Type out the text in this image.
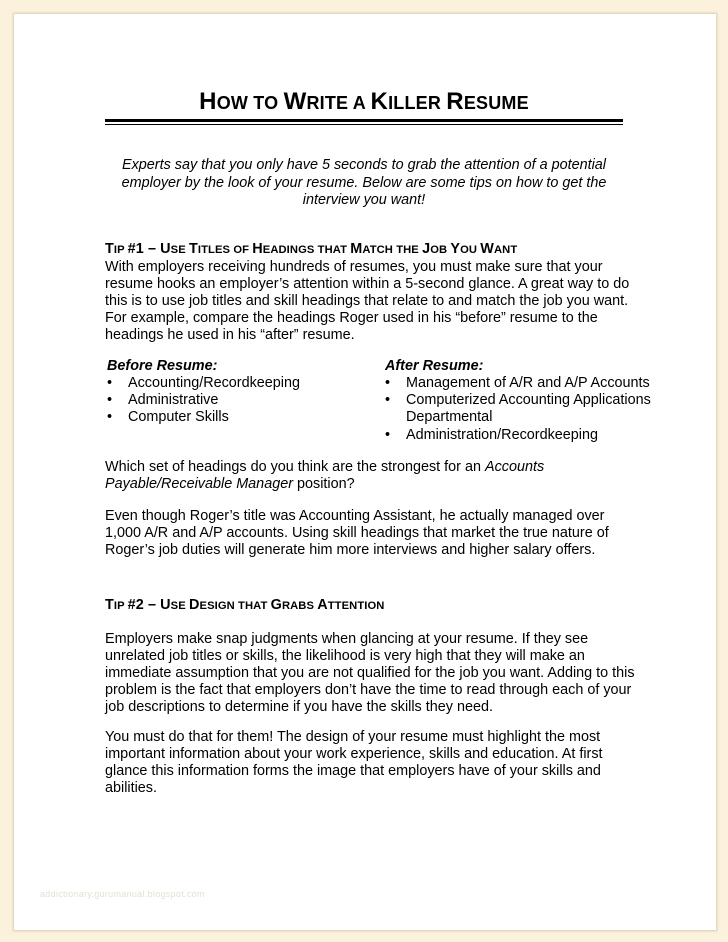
HOW TO WRITE A KILLER RESUME

Experts say that you only have 5 seconds to grab the attention of a potential employer by the look of your resume. Below are some tips on how to get the interview you want!

TIP #1 – USE TITLES OF HEADINGS THAT MATCH THE JOB YOU WANT

With employers receiving hundreds of resumes, you must make sure that your resume hooks an employer’s attention within a 5-second glance. A great way to do this is to use job titles and skill headings that relate to and match the job you want. For example, compare the headings Roger used in his “before” resume to the headings he used in his “after” resume.

Before Resume:

• Accounting/Recordkeeping
• Administrative
• Computer Skills

After Resume:

• Management of A/R and A/P Accounts
• Computerized Accounting Applications Departmental
• Administration/Recordkeeping

Which set of headings do you think are the strongest for an Accounts Payable/Receivable Manager position?

Even though Roger’s title was Accounting Assistant, he actually managed over 1,000 A/R and A/P accounts. Using skill headings that market the true nature of Roger’s job duties will generate him more interviews and higher salary offers.

TIP #2 – USE DESIGN THAT GRABS ATTENTION

Employers make snap judgments when glancing at your resume. If they see unrelated job titles or skills, the likelihood is very high that they will make an immediate assumption that you are not qualified for the job you want. Adding to this problem is the fact that employers don’t have the time to read through each of your job descriptions to determine if you have the skills they need.

You must do that for them! The design of your resume must highlight the most important information about your work experience, skills and education. At first glance this information forms the image that employers have of your skills and abilities.

addictionary.gurumanual.blogspot.com
